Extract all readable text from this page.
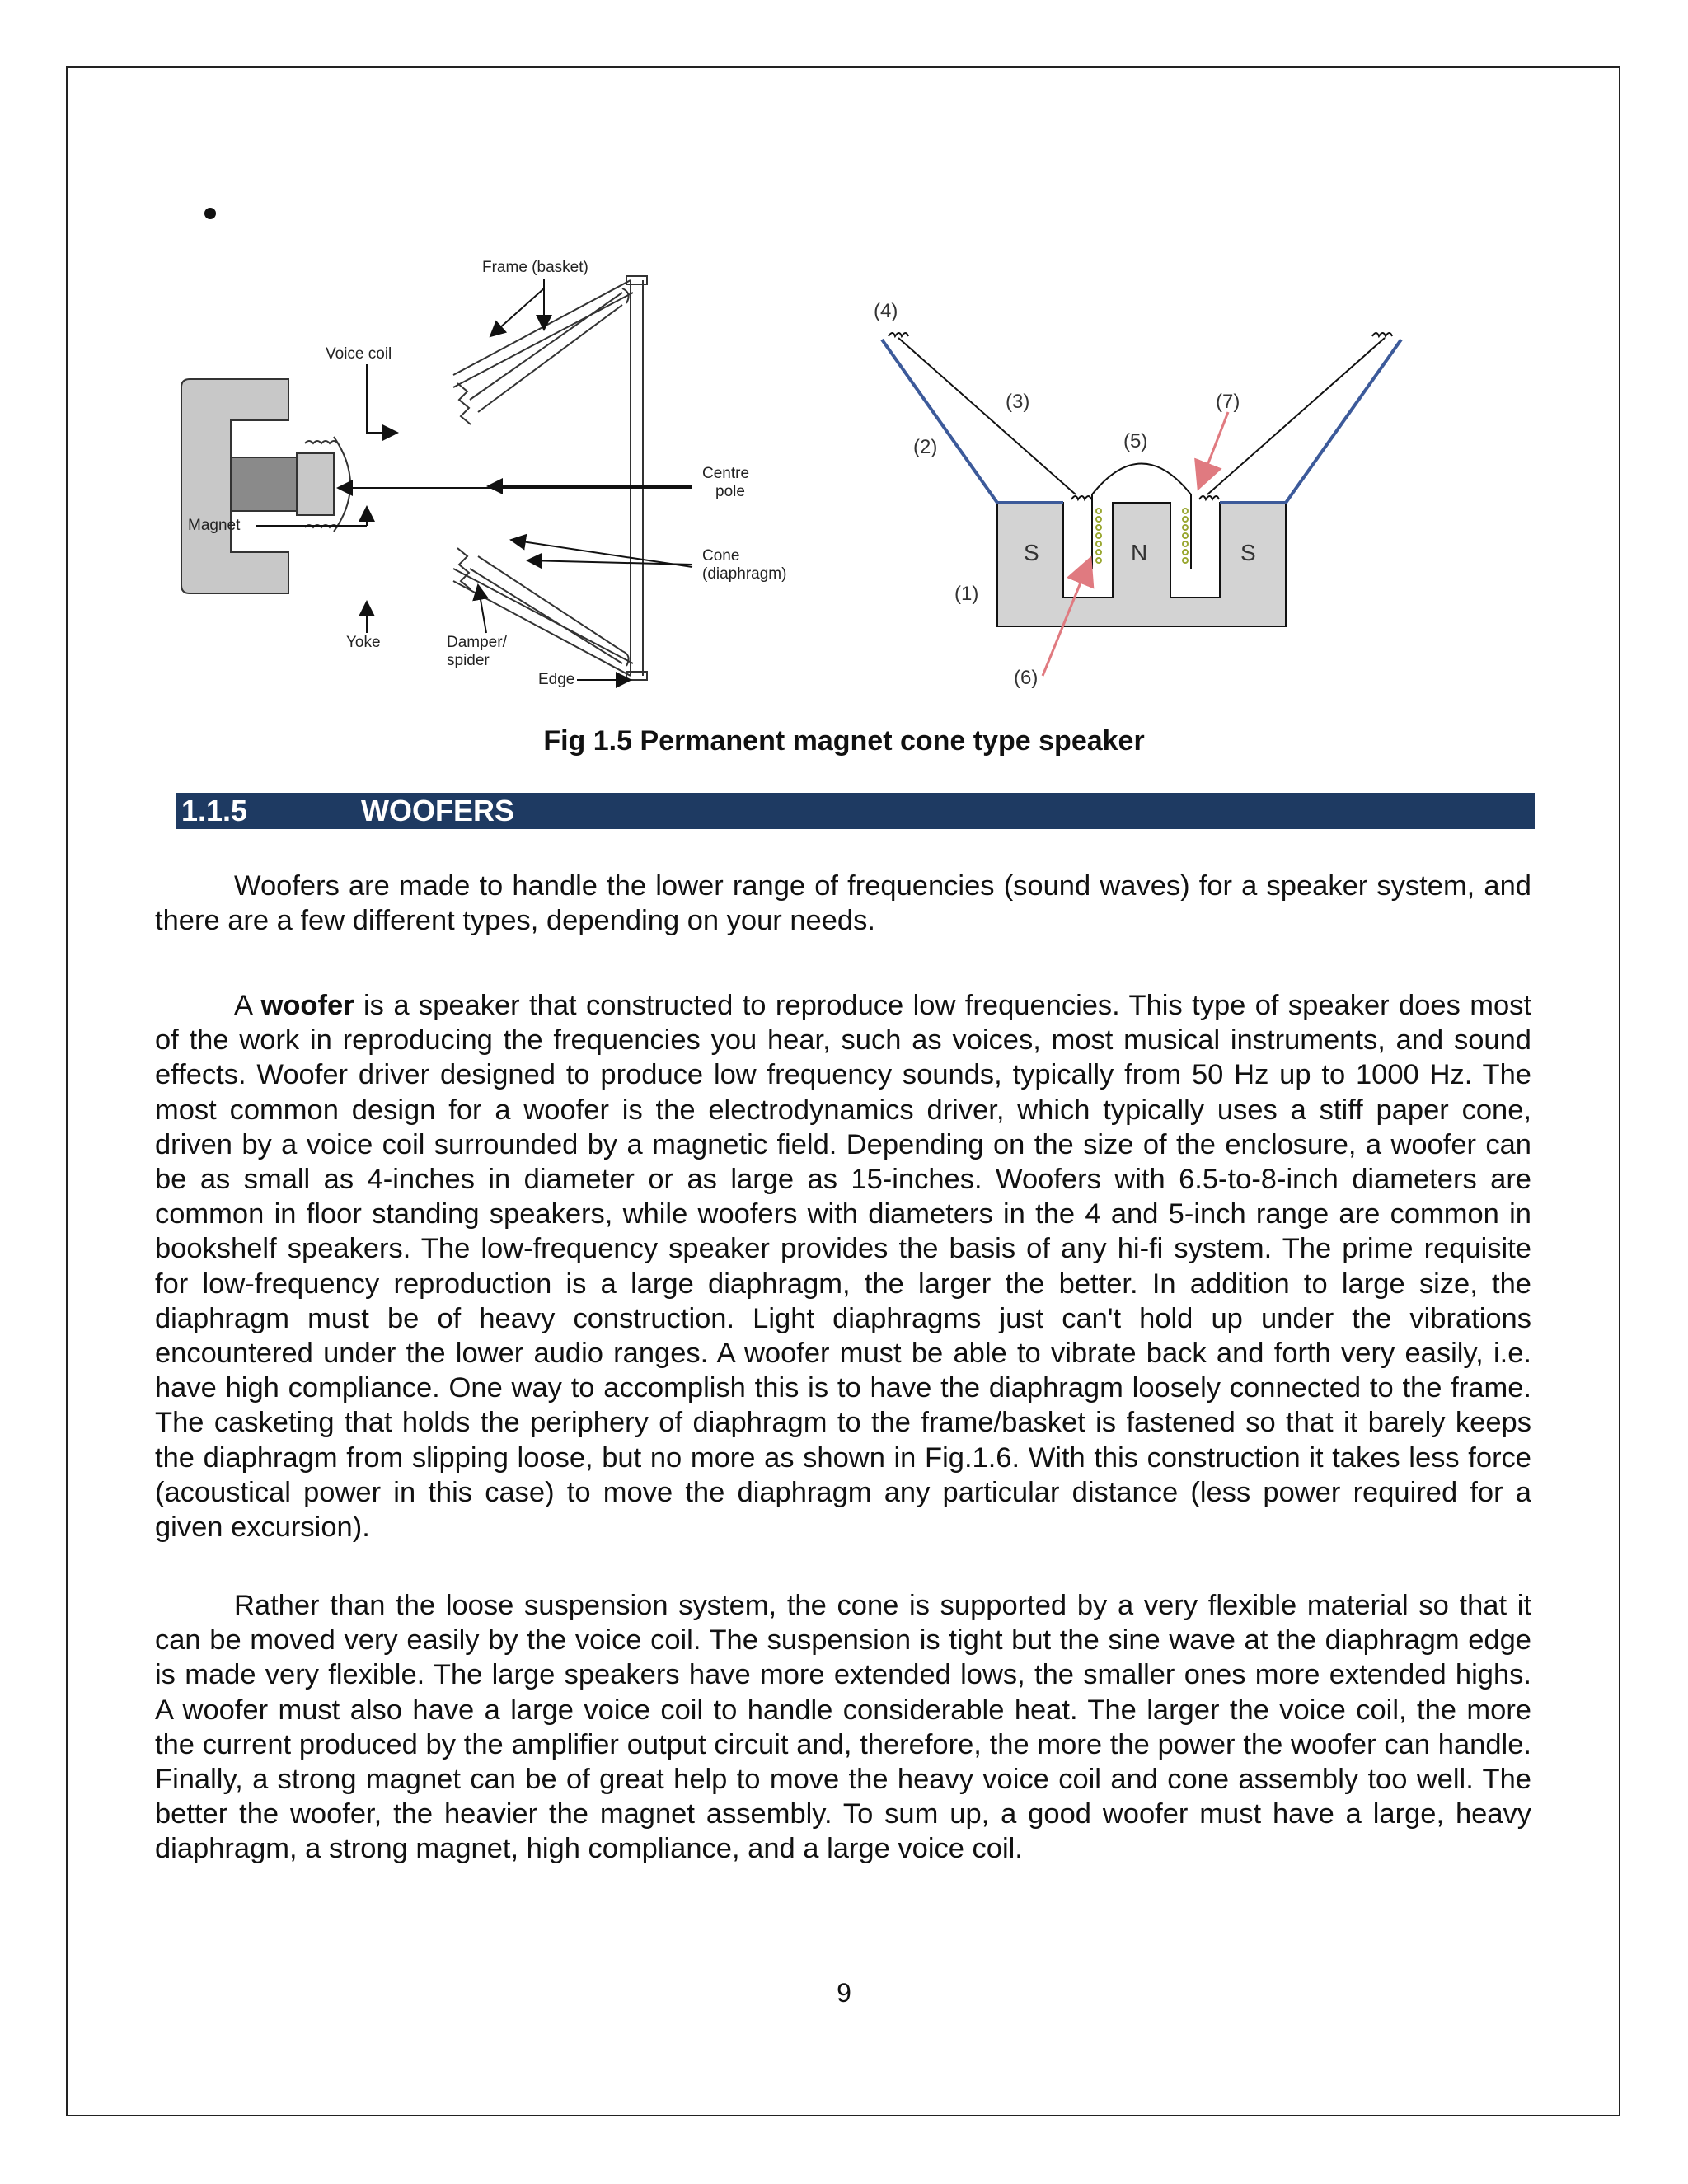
Frame (basket)
Voice coil
Centre
pole
Magnet
Cone
(diaphragm)
Yoke	Damper/
spider
Edge
S	N	S
(1)
(2)
(3)
(4)
(5)
(6)
(7)
Fig 1.5 Permanent magnet cone type speaker
1.1.5	WOOFERS

Woofers are made to handle the lower range of frequencies (sound waves) for a speaker system, and there are a few different types, depending on your needs.

A woofer is a speaker that constructed to reproduce low frequencies. This type of speaker does most of the work in reproducing the frequencies you hear, such as voices, most musical instruments, and sound effects. Woofer driver designed to produce low frequency sounds, typically from 50 Hz up to 1000 Hz. The most common design for a woofer is the electrodynamics driver, which typically uses a stiff paper cone, driven by a voice coil surrounded by a magnetic field. Depending on the size of the enclosure, a woofer can be as small as 4-inches in diameter or as large as 15-inches. Woofers with 6.5-to-8-inch diameters are common in floor standing speakers, while woofers with diameters in the 4 and 5-inch range are common in bookshelf speakers. The low-frequency speaker provides the basis of any hi-fi system. The prime requisite for low-frequency reproduction is a large diaphragm, the larger the better. In addition to large size, the diaphragm must be of heavy construction. Light diaphragms just can't hold up under the vibrations encountered under the lower audio ranges. A woofer must be able to vibrate back and forth very easily, i.e. have high compliance. One way to accomplish this is to have the diaphragm loosely connected to the frame. The casketing that holds the periphery of diaphragm to the frame/basket is fastened so that it barely keeps the diaphragm from slipping loose, but no more as shown in Fig.1.6. With this construction it takes less force (acoustical power in this case) to move the diaphragm any particular distance (less power required for a given excursion).

Rather than the loose suspension system, the cone is supported by a very flexible material so that it can be moved very easily by the voice coil. The suspension is tight but the sine wave at the diaphragm edge is made very flexible. The large speakers have more extended lows, the smaller ones more extended highs. A woofer must also have a large voice coil to handle considerable heat. The larger the voice coil, the more the current produced by the amplifier output circuit and, therefore, the more the power the woofer can handle. Finally, a strong magnet can be of great help to move the heavy voice coil and cone assembly too well. The better the woofer, the heavier the magnet assembly. To sum up, a good woofer must have a large, heavy diaphragm, a strong magnet, high compliance, and a large voice coil.

9
